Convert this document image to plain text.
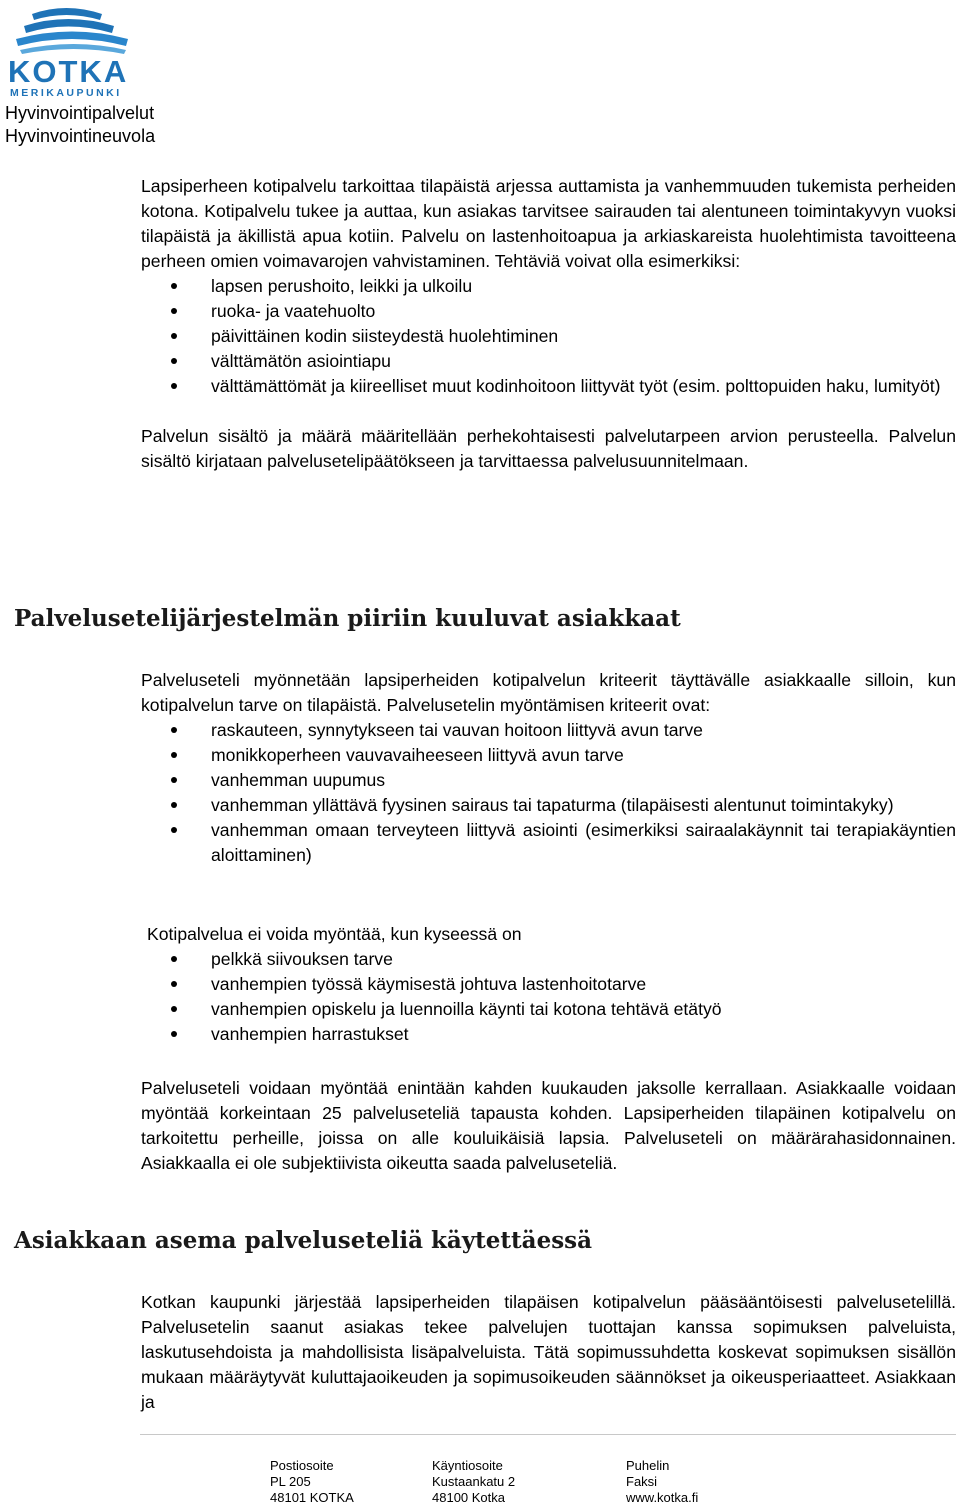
KOTKA
MERIKAUPUNKI
Hyvinvointipalvelut
Hyvinvointineuvola

Lapsiperheen kotipalvelu tarkoittaa tilapäistä arjessa auttamista ja vanhemmuuden tukemista perheiden kotona. Kotipalvelu tukee ja auttaa, kun asiakas tarvitsee sairauden tai alentuneen toimintakyvyn vuoksi tilapäistä ja äkillistä apua kotiin. Palvelu on lastenhoitoapua ja arkiaskareista huolehtimista tavoitteena perheen omien voimavarojen vahvistaminen. Tehtäviä voivat olla esimerkiksi:

lapsen perushoito, leikki ja ulkoilu
ruoka- ja vaatehuolto
päivittäinen kodin siisteydestä huolehtiminen
välttämätön asiointiapu
välttämättömät ja kiireelliset muut kodinhoitoon liittyvät työt (esim. polttopuiden haku, lumityöt)

Palvelun sisältö ja määrä määritellään perhekohtaisesti palvelutarpeen arvion perusteella. Palvelun sisältö kirjataan palvelusetelipäätökseen ja tarvittaessa palvelusuunnitelmaan.

Palvelusetelijärjestelmän piiriin kuuluvat asiakkaat

Palveluseteli myönnetään lapsiperheiden kotipalvelun kriteerit täyttävälle asiakkaalle silloin, kun kotipalvelun tarve on tilapäistä. Palvelusetelin myöntämisen kriteerit ovat:

raskauteen, synnytykseen tai vauvan hoitoon liittyvä avun tarve
monikkoperheen vauvavaiheeseen liittyvä avun tarve
vanhemman uupumus
vanhemman yllättävä fyysinen sairaus tai tapaturma (tilapäisesti alentunut toimintakyky)
vanhemman omaan terveyteen liittyvä asiointi (esimerkiksi sairaalakäynnit tai terapiakäyntien aloittaminen)

Kotipalvelua ei voida myöntää, kun kyseessä on

pelkkä siivouksen tarve
vanhempien työssä käymisestä johtuva lastenhoitotarve
vanhempien opiskelu ja luennoilla käynti tai kotona tehtävä etätyö
vanhempien harrastukset

Palveluseteli voidaan myöntää enintään kahden kuukauden jaksolle kerrallaan. Asiakkaalle voidaan myöntää korkeintaan 25 palveluseteliä tapausta kohden. Lapsiperheiden tilapäinen kotipalvelu on tarkoitettu perheille, joissa on alle kouluikäisiä lapsia. Palveluseteli on määrärahasidonnainen. Asiakkaalla ei ole subjektiivista oikeutta saada palveluseteliä.

Asiakkaan asema palveluseteliä käytettäessä

Kotkan kaupunki järjestää lapsiperheiden tilapäisen kotipalvelun pääsääntöisesti palvelusetelillä. Palvelusetelin saanut asiakas tekee palvelujen tuottajan kanssa sopimuksen palveluista, laskutusehdoista ja mahdollisista lisäpalveluista. Tätä sopimussuhdetta koskevat sopimuksen sisällön mukaan määräytyvät kuluttajaoikeuden ja sopimusoikeuden säännökset ja oikeusperiaatteet. Asiakkaan ja

Postiosoite
PL 205
48101 KOTKA
Käyntiosoite
Kustaankatu 2
48100 Kotka
Puhelin
Faksi
www.kotka.fi
